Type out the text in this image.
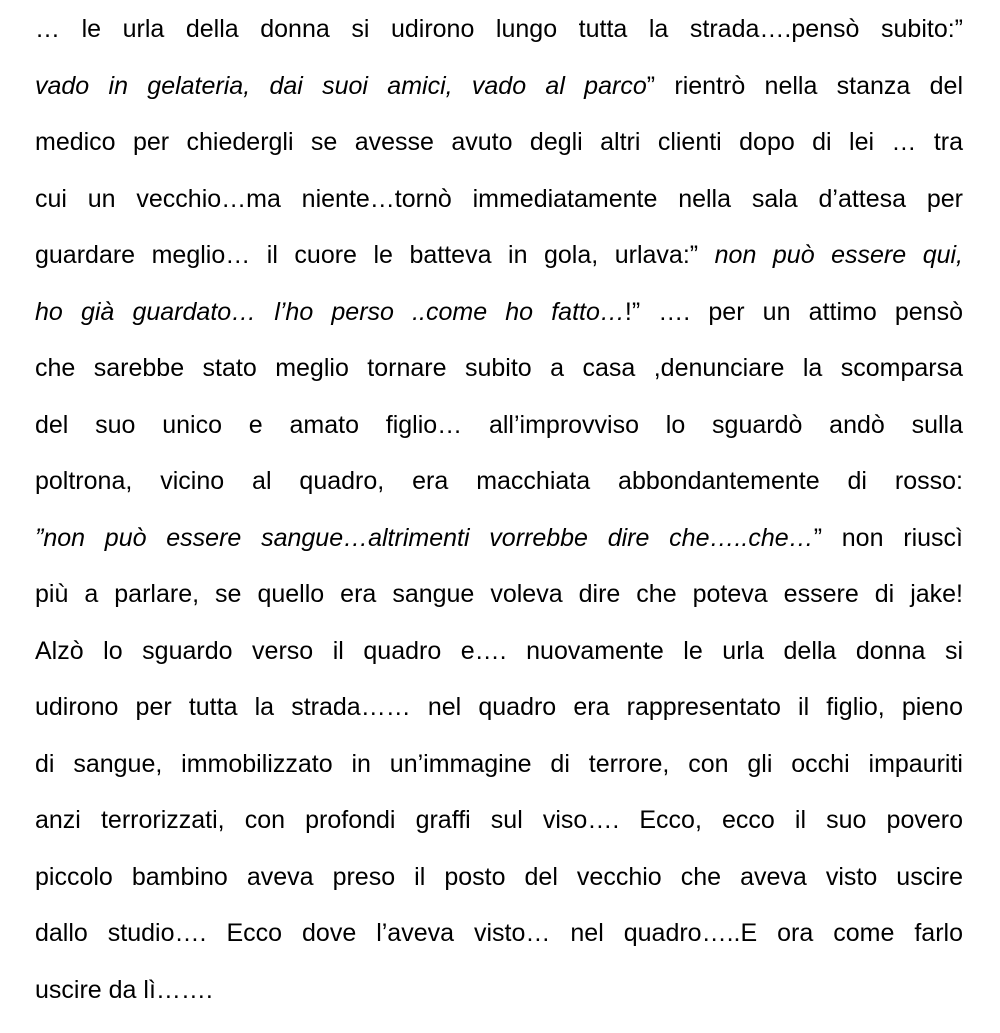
… le urla della donna si udirono lungo tutta la strada….pensò subito:”
vado in gelateria, dai suoi amici, vado al parco” rientrò nella stanza del
medico per chiedergli se avesse avuto degli altri clienti dopo di lei … tra
cui un vecchio…ma niente…tornò immediatamente nella sala d’attesa per
guardare meglio… il cuore le batteva in gola, urlava:” non può essere qui,
ho già guardato… l’ho perso ..come ho fatto…!” …. per un attimo pensò
che sarebbe stato meglio tornare subito a casa ,denunciare la scomparsa
del suo unico e amato figlio… all’improvviso lo sguardò andò sulla
poltrona, vicino al quadro, era macchiata abbondantemente di rosso:
”non può essere sangue…altrimenti vorrebbe dire che…..che…” non riuscì
più a parlare, se quello era sangue voleva dire che poteva essere di jake!
Alzò lo sguardo verso il quadro e…. nuovamente le urla della donna si
udirono per tutta la strada…… nel quadro era rappresentato il figlio, pieno
di sangue, immobilizzato in un’immagine di terrore, con gli occhi impauriti
anzi terrorizzati, con profondi graffi sul viso…. Ecco, ecco il suo povero
piccolo bambino aveva preso il posto del vecchio che aveva visto uscire
dallo studio…. Ecco dove l’aveva visto… nel quadro…..E ora come farlo
uscire da lì…….
